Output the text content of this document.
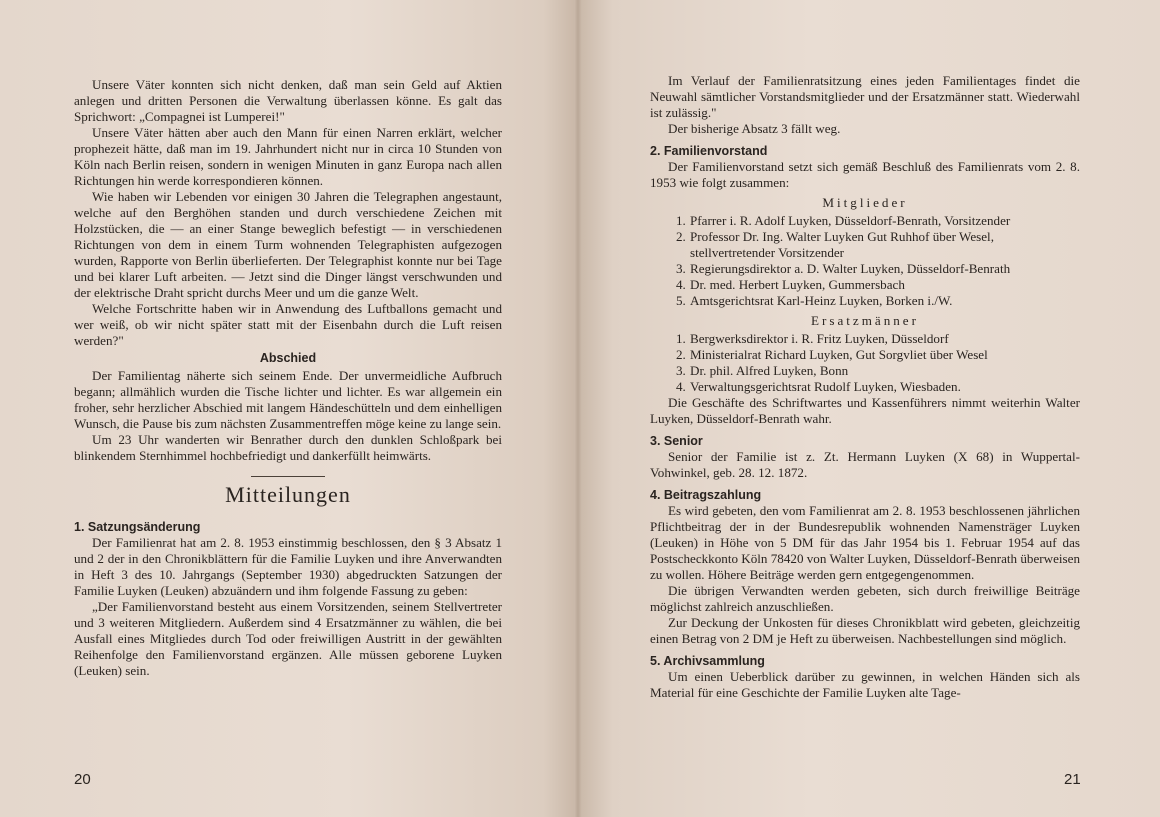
Unsere Väter konnten sich nicht denken, daß man sein Geld auf Aktien anlegen und dritten Personen die Verwaltung überlassen könne. Es galt das Sprichwort: „Compagnei ist Lumperei!"

Unsere Väter hätten aber auch den Mann für einen Narren erklärt, welcher prophezeit hätte, daß man im 19. Jahrhundert nicht nur in circa 10 Stunden von Köln nach Berlin reisen, sondern in wenigen Minuten in ganz Europa nach allen Richtungen hin werde korrespondieren können.

Wie haben wir Lebenden vor einigen 30 Jahren die Telegraphen angestaunt, welche auf den Berghöhen standen und durch verschiedene Zeichen mit Holzstücken, die — an einer Stange beweglich befestigt — in verschiedenen Richtungen von dem in einem Turm wohnenden Telegraphisten aufgezogen wurden, Rapporte von Berlin überlieferten. Der Telegraphist konnte nur bei Tage und bei klarer Luft arbeiten. — Jetzt sind die Dinger längst verschwunden und der elektrische Draht spricht durchs Meer und um die ganze Welt.

Welche Fortschritte haben wir in Anwendung des Luftballons gemacht und wer weiß, ob wir nicht später statt mit der Eisenbahn durch die Luft reisen werden?"

Abschied

Der Familientag näherte sich seinem Ende. Der unvermeidliche Aufbruch begann; allmählich wurden die Tische lichter und lichter. Es war allgemein ein froher, sehr herzlicher Abschied mit langem Händeschütteln und dem einhelligen Wunsch, die Pause bis zum nächsten Zusammentreffen möge keine zu lange sein.

Um 23 Uhr wanderten wir Benrather durch den dunklen Schloßpark bei blinkendem Sternhimmel hochbefriedigt und dankerfüllt heimwärts.

Mitteilungen
1. Satzungsänderung

Der Familienrat hat am 2. 8. 1953 einstimmig beschlossen, den § 3 Absatz 1 und 2 der in den Chronikblättern für die Familie Luyken und ihre Anverwandten in Heft 3 des 10. Jahrgangs (September 1930) abgedruckten Satzungen der Familie Luyken (Leuken) abzuändern und ihm folgende Fassung zu geben:

„Der Familienvorstand besteht aus einem Vorsitzenden, seinem Stellvertreter und 3 weiteren Mitgliedern. Außerdem sind 4 Ersatzmänner zu wählen, die bei Ausfall eines Mitgliedes durch Tod oder freiwilligen Austritt in der gewählten Reihenfolge den Familienvorstand ergänzen. Alle müssen geborene Luyken (Leuken) sein.

20

Im Verlauf der Familienratsitzung eines jeden Familientages findet die Neuwahl sämtlicher Vorstandsmitglieder und der Ersatzmänner statt. Wiederwahl ist zulässig."

Der bisherige Absatz 3 fällt weg.

2. Familienvorstand

Der Familienvorstand setzt sich gemäß Beschluß des Familienrats vom 2. 8. 1953 wie folgt zusammen:

Mitglieder
1. Pfarrer i. R. Adolf Luyken, Düsseldorf-Benrath, Vorsitzender
2. Professor Dr. Ing. Walter Luyken Gut Ruhhof über Wesel, stellvertretender Vorsitzender
3. Regierungsdirektor a. D. Walter Luyken, Düsseldorf-Benrath
4. Dr. med. Herbert Luyken, Gummersbach
5. Amtsgerichtsrat Karl-Heinz Luyken, Borken i./W.
Ersatzmänner
1. Bergwerksdirektor i. R. Fritz Luyken, Düsseldorf
2. Ministerialrat Richard Luyken, Gut Sorgvliet über Wesel
3. Dr. phil. Alfred Luyken, Bonn
4. Verwaltungsgerichtsrat Rudolf Luyken, Wiesbaden.

Die Geschäfte des Schriftwartes und Kassenführers nimmt weiterhin Walter Luyken, Düsseldorf-Benrath wahr.

3. Senior

Senior der Familie ist z. Zt. Hermann Luyken (X 68) in Wuppertal-Vohwinkel, geb. 28. 12. 1872.

4. Beitragszahlung

Es wird gebeten, den vom Familienrat am 2. 8. 1953 beschlossenen jährlichen Pflichtbeitrag der in der Bundesrepublik wohnenden Namensträger Luyken (Leuken) in Höhe von 5 DM für das Jahr 1954 bis 1. Februar 1954 auf das Postscheckkonto Köln 78420 von Walter Luyken, Düsseldorf-Benrath überweisen zu wollen. Höhere Beiträge werden gern entgegengenommen.

Die übrigen Verwandten werden gebeten, sich durch freiwillige Beiträge möglichst zahlreich anzuschließen.

Zur Deckung der Unkosten für dieses Chronikblatt wird gebeten, gleichzeitig einen Betrag von 2 DM je Heft zu überweisen. Nachbestellungen sind möglich.

5. Archivsammlung

Um einen Ueberblick darüber zu gewinnen, in welchen Händen sich als Material für eine Geschichte der Familie Luyken alte Tage-

21
